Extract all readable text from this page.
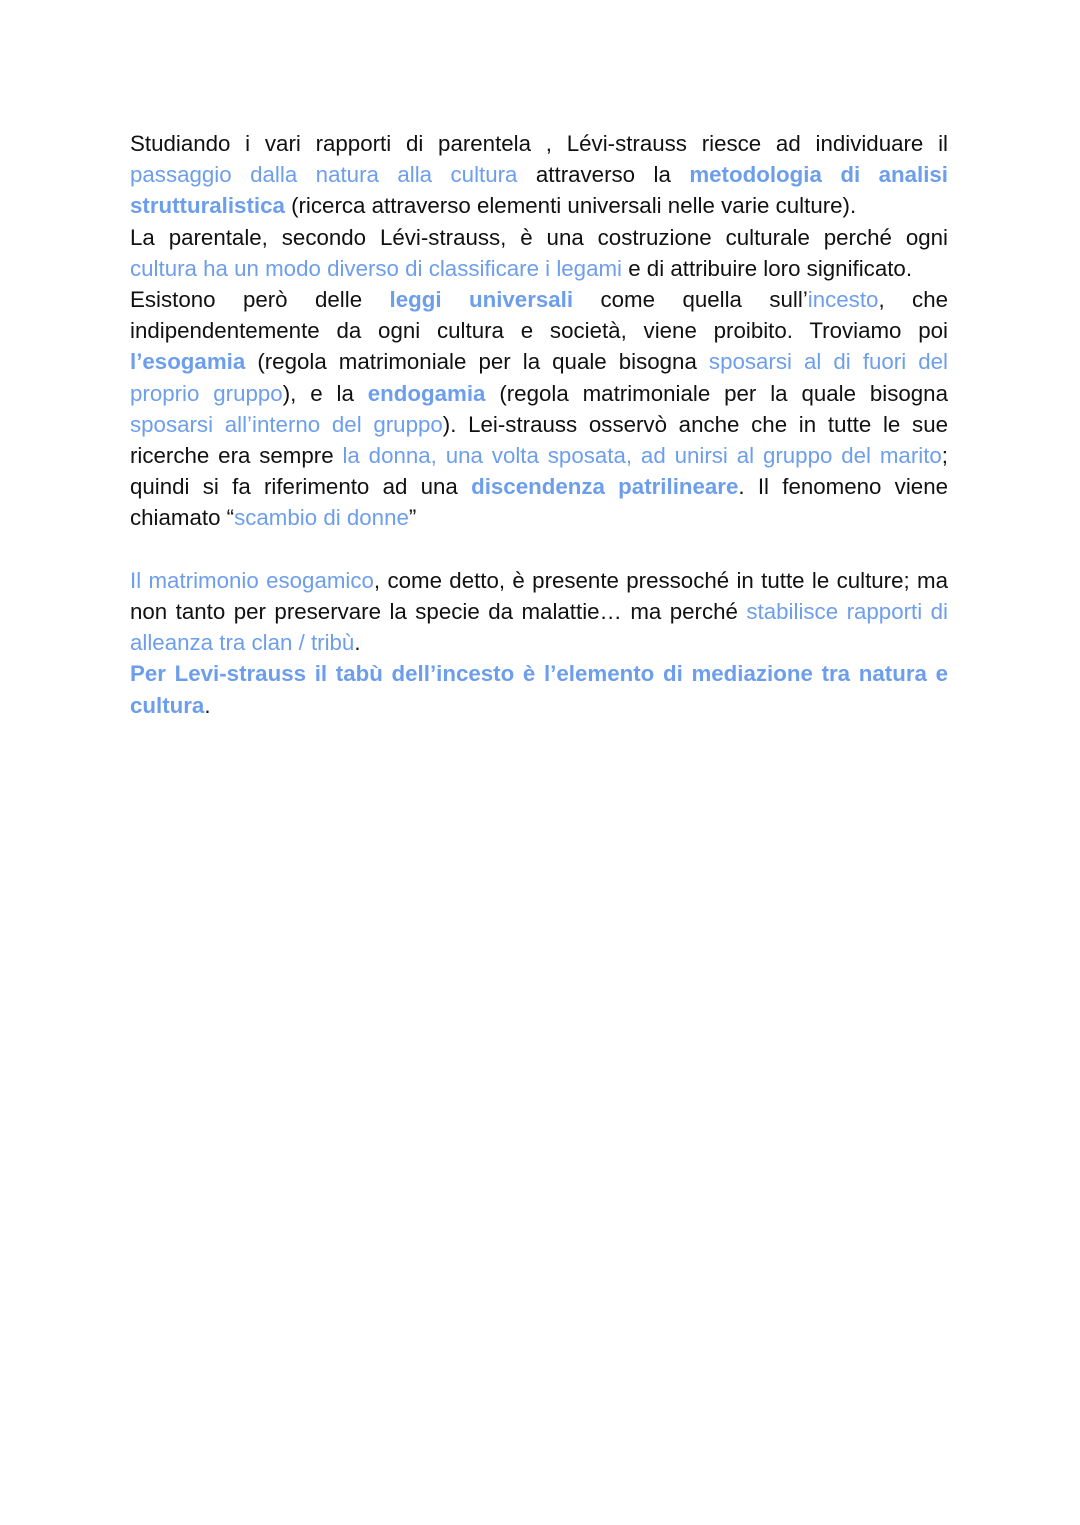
Studiando i vari rapporti di parentela , Lévi-strauss riesce ad individuare il passaggio dalla natura alla cultura attraverso la metodologia di analisi strutturalistica (ricerca attraverso elementi universali nelle varie culture).

La parentale, secondo Lévi-strauss, è una costruzione culturale perché ogni cultura ha un modo diverso di classificare i legami e di attribuire loro significato.

Esistono però delle leggi universali come quella sull’incesto, che indipendentemente da ogni cultura e società, viene proibito. Troviamo poi l’esogamia (regola matrimoniale per la quale bisogna sposarsi al di fuori del proprio gruppo), e la endogamia (regola matrimoniale per la quale bisogna sposarsi all’interno del gruppo). Lei-strauss osservò anche che in tutte le sue ricerche era sempre la donna, una volta sposata, ad unirsi al gruppo del marito; quindi si fa riferimento ad una discendenza patrilineare. Il fenomeno viene chiamato “scambio di donne”

Il matrimonio esogamico, come detto, è presente pressoché in tutte le culture; ma non tanto per preservare la specie da malattie… ma perché stabilisce rapporti di alleanza tra clan / tribù.

Per Levi-strauss il tabù dell’incesto è l’elemento di mediazione tra natura e cultura.
